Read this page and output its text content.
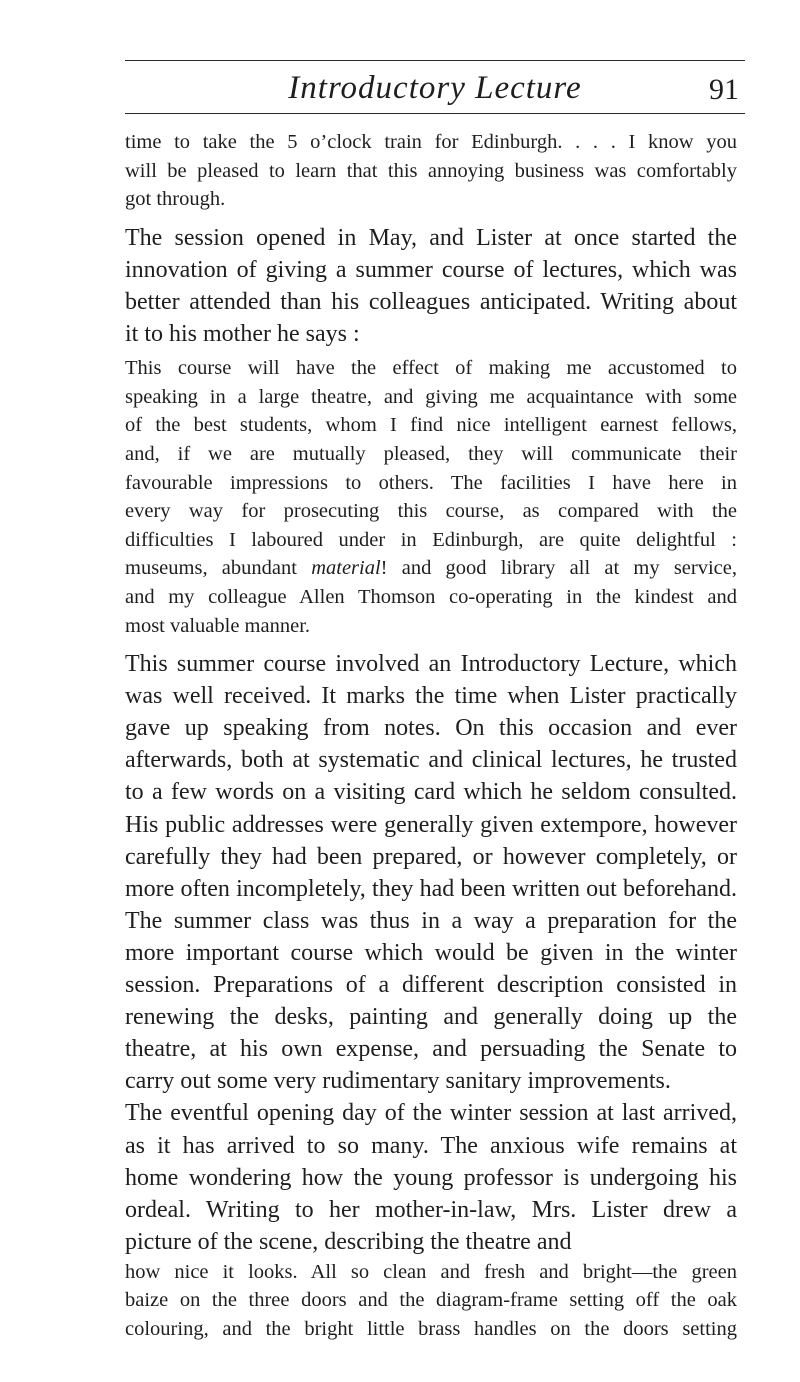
Introductory Lecture	91
time to take the 5 o’clock train for Edinburgh. . . . I know you
will be pleased to learn that this annoying business was comfortably
got through.
The session opened in May, and Lister at once started the
innovation of giving a summer course of lectures, which was
better attended than his colleagues anticipated. Writing about
it to his mother he says :
This course will have the effect of making me accustomed to
speaking in a large theatre, and giving me acquaintance with some
of the best students, whom I find nice intelligent earnest fellows,
and, if we are mutually pleased, they will communicate their
favourable impressions to others. The facilities I have here in
every way for prosecuting this course, as compared with the
difficulties I laboured under in Edinburgh, are quite delightful :
museums, abundant material! and good library all at my service,
and my colleague Allen Thomson co-operating in the kindest and
most valuable manner.
This summer course involved an Introductory Lecture, which
was well received. It marks the time when Lister practically
gave up speaking from notes. On this occasion and ever
afterwards, both at systematic and clinical lectures, he trusted
to a few words on a visiting card which he seldom consulted.
His public addresses were generally given extempore, however
carefully they had been prepared, or however completely, or
more often incompletely, they had been written out beforehand.
The summer class was thus in a way a preparation for the
more important course which would be given in the winter
session. Preparations of a different description consisted in
renewing the desks, painting and generally doing up the
theatre, at his own expense, and persuading the Senate to
carry out some very rudimentary sanitary improvements.
The eventful opening day of the winter session at last arrived,
as it has arrived to so many. The anxious wife remains at
home wondering how the young professor is undergoing his
ordeal. Writing to her mother-in-law, Mrs. Lister drew a
picture of the scene, describing the theatre and
how nice it looks. All so clean and fresh and bright—the green
baize on the three doors and the diagram-frame setting off the oak
colouring, and the bright little brass handles on the doors setting
